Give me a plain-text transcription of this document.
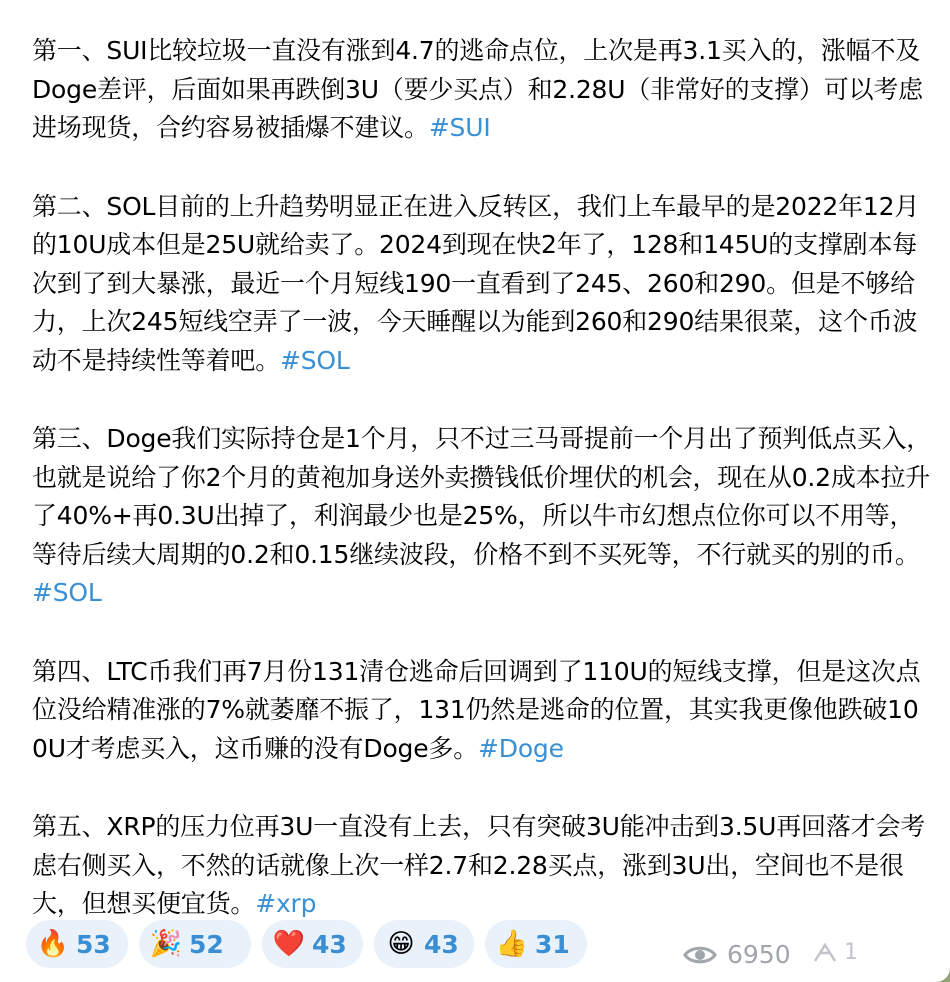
第一、SUI比较垃圾一直没有涨到4.7的逃命点位，上次是再3.1买入的，涨幅不及Doge差评，后面如果再跌倒3U（要少买点）和2.28U（非常好的支撑）可以考虑进场现货，合约容易被插爆不建议。#SUI

第二、SOL目前的上升趋势明显正在进入反转区，我们上车最早的是2022年12月的10U成本但是25U就给卖了。2024到现在快2年了，128和145U的支撑剧本每次到了到大暴涨，最近一个月短线190一直看到了245、260和290。但是不够给力，上次245短线空弄了一波，今天睡醒以为能到260和290结果很菜，这个币波动不是持续性等着吧。#SOL

第三、Doge我们实际持仓是1个月，只不过三马哥提前一个月出了预判低点买入，也就是说给了你2个月的黄袍加身送外卖攒钱低价埋伏的机会，现在从0.2成本拉升了40%+再0.3U出掉了，利润最少也是25%，所以牛市幻想点位你可以不用等，等待后续大周期的0.2和0.15继续波段，价格不到不买死等，不行就买的别的币。#SOL

第四、LTC币我们再7月份131清仓逃命后回调到了110U的短线支撑，但是这次点位没给精准涨的7%就萎靡不振了，131仍然是逃命的位置，其实我更像他跌破100U才考虑买入，这币赚的没有Doge多。#Doge

第五、XRP的压力位再3U一直没有上去，只有突破3U能冲击到3.5U再回落才会考虑右侧买入，不然的话就像上次一样2.7和2.28买点，涨到3U出，空间也不是很大，但想买便宜货。#xrp

🔥 53 🎉 52 ❤️ 43 😁 43 👍 31	6950 1
